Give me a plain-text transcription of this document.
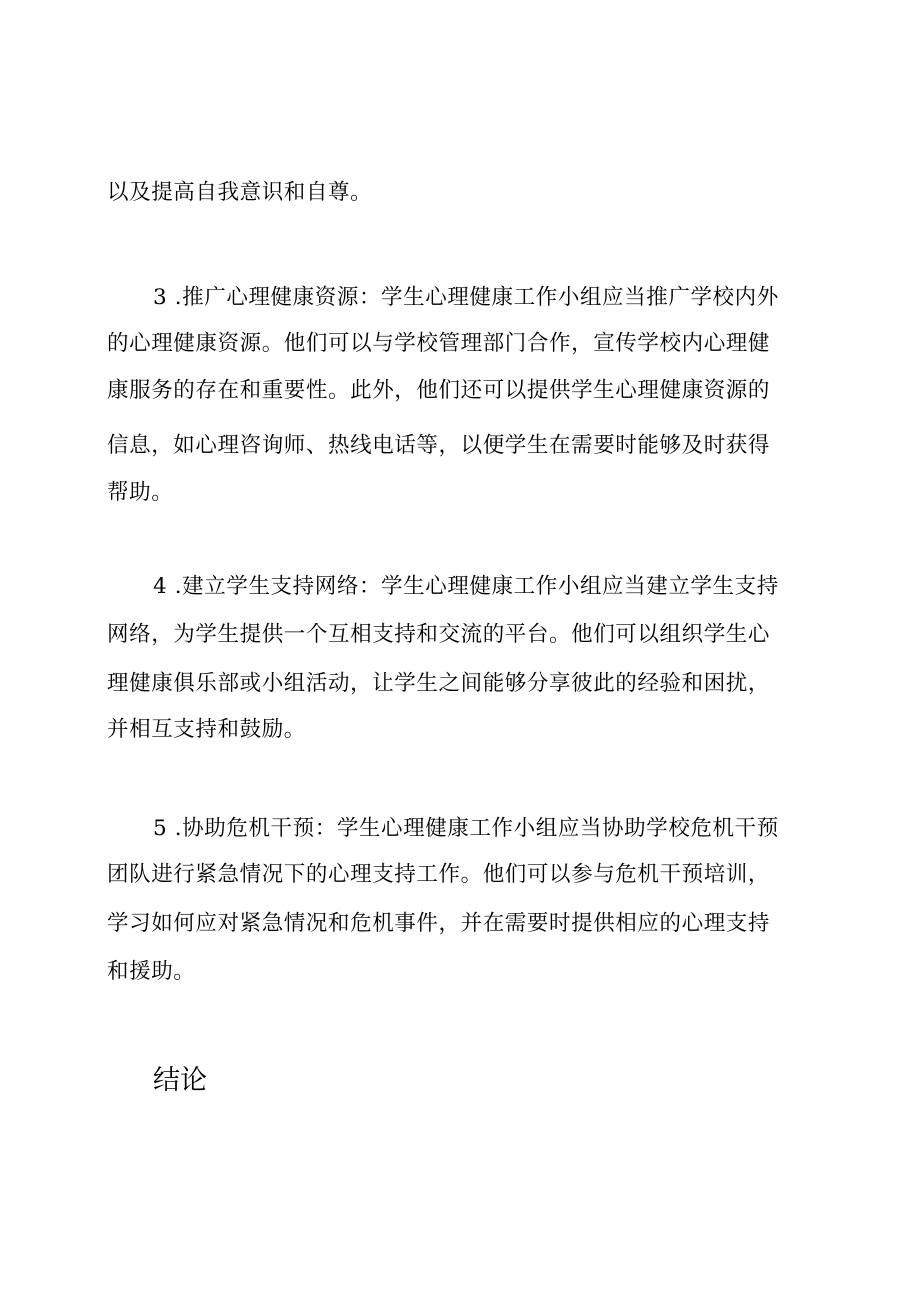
以及提高自我意识和自尊。
3 .推广心理健康资源：学生心理健康工作小组应当推广学校内外
的心理健康资源。他们可以与学校管理部门合作，宣传学校内心理健
康服务的存在和重要性。此外，他们还可以提供学生心理健康资源的
信息，如心理咨询师、热线电话等，以便学生在需要时能够及时获得
帮助。
4 .建立学生支持网络：学生心理健康工作小组应当建立学生支持
网络，为学生提供一个互相支持和交流的平台。他们可以组织学生心
理健康俱乐部或小组活动，让学生之间能够分享彼此的经验和困扰，
并相互支持和鼓励。
5 .协助危机干预：学生心理健康工作小组应当协助学校危机干预
团队进行紧急情况下的心理支持工作。他们可以参与危机干预培训，
学习如何应对紧急情况和危机事件，并在需要时提供相应的心理支持
和援助。
结论
